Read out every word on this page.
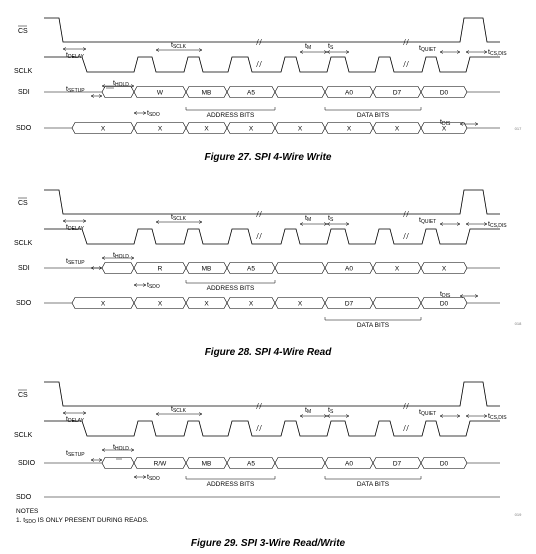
CS
SCLK
SDI
SDO
tDELAY
tSCLK	tM tS	tQUIET	tCS,DIS
W	MB	A5	A0	D7	D0
tSETUP
tHOLD
ADDRESS BITS	DATA BITS
X	X	X	X	X	X	X	X
tSDO
tDIS
Figure 27. SPI 4-Wire Write
017
CS
SCLK
SDI
SDO
tDELAY
tSCLK	tM tS	tQUIET	tCS,DIS
R	MB	A5	A0	X	X
tSETUP
tHOLD
ADDRESS BITS
DATA BITS
X	X	X	X	X	D7	D0
tSDO
tDIS
Figure 28. SPI 4-Wire Read
018
CS
SCLK
SDIO
SDO
tDELAY
tSCLK	tM tS	tQUIET	tCS,DIS
R/W	MB	A5	A0	D7	D0
tSETUP
tHOLD
ADDRESS BITS	DATA BITS
tSDO
Figure 29. SPI 3-Wire Read/Write
019
NOTES
1. tSDO IS ONLY PRESENT DURING READS.
